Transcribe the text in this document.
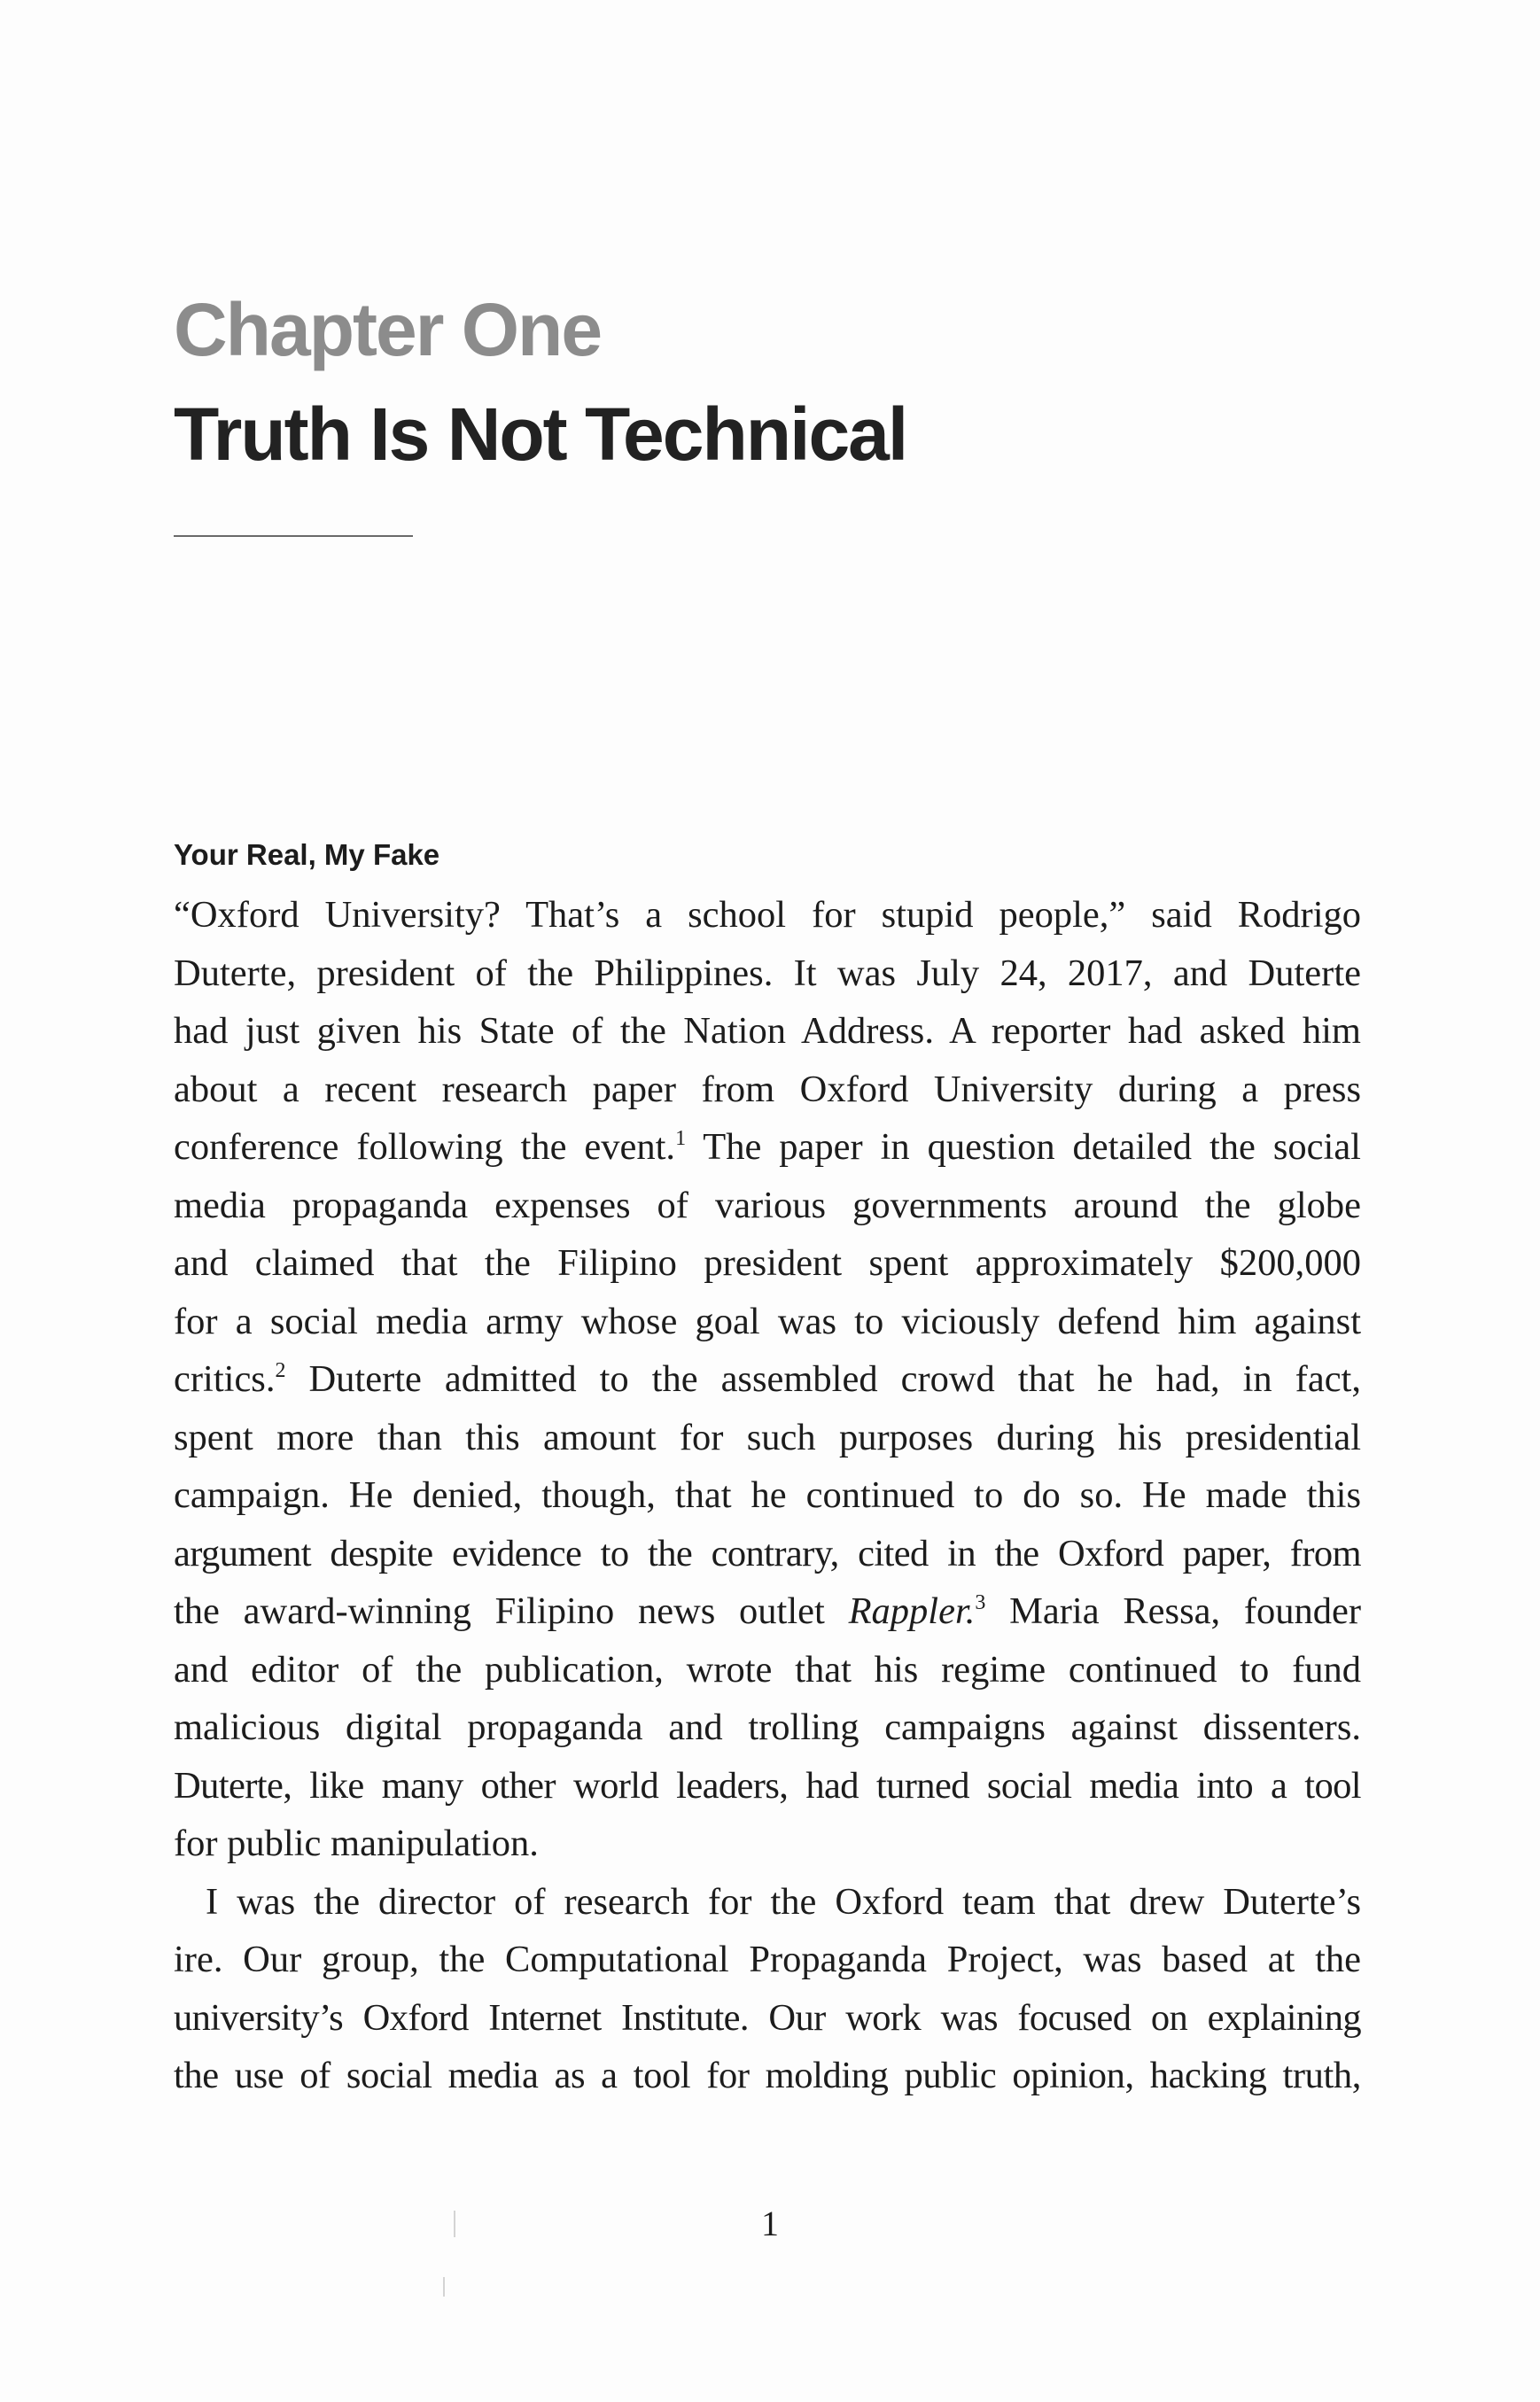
Chapter One
Truth Is Not Technical
Your Real, My Fake

“Oxford University? That’s a school for stupid people,” said Rodrigo
Duterte, president of the Philippines. It was July 24, 2017, and Duterte
had just given his State of the Nation Address. A reporter had asked him
about a recent research paper from Oxford University during a press
conference following the event.$^1$ The paper in question detailed the social
media propaganda expenses of various governments around the globe
and claimed that the Filipino president spent approximately $200,000
for a social media army whose goal was to viciously defend him against
critics.$^2$ Duterte admitted to the assembled crowd that he had, in fact,
spent more than this amount for such purposes during his presidential
campaign. He denied, though, that he continued to do so. He made this
argument despite evidence to the contrary, cited in the Oxford paper, from
the award-winning Filipino news outlet Rappler.$^3$ Maria Ressa, founder
and editor of the publication, wrote that his regime continued to fund
malicious digital propaganda and trolling campaigns against dissenters.
Duterte, like many other world leaders, had turned social media into a tool
for public manipulation.

I was the director of research for the Oxford team that drew Duterte’s
ire. Our group, the Computational Propaganda Project, was based at the
university’s Oxford Internet Institute. Our work was focused on explaining
the use of social media as a tool for molding public opinion, hacking truth,

1
